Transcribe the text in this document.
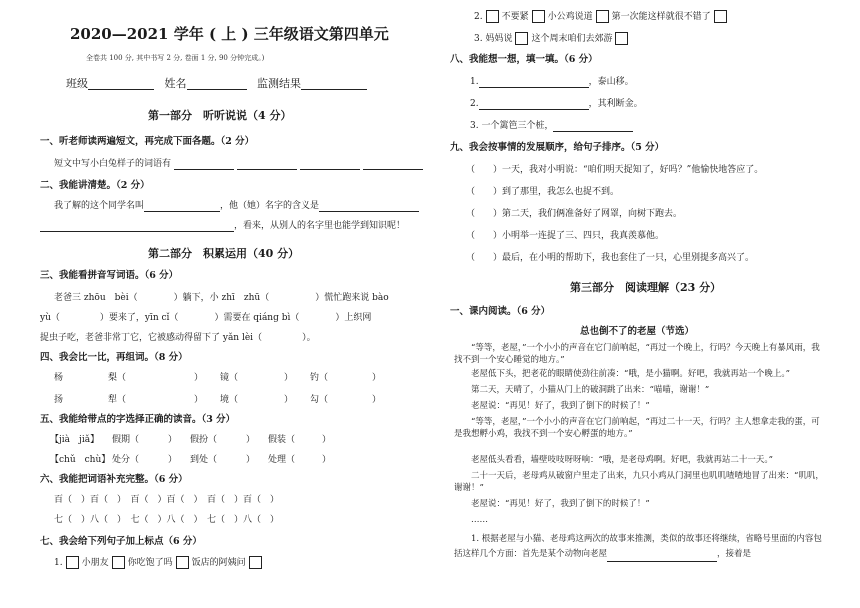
2020—2021 学年 ( 上 ) 三年级语文第四单元
全卷共 100 分, 其中书写 2 分, 卷面 1 分, 90 分钟完成。)
班级	姓名	监测结果
第一部分　听听说说（4 分）
一、听老师读两遍短文，再完成下面各题。（2 分）
短文中写小白兔样子的词语有
二、我能讲清楚。（2 分）
我了解的这个同学名叫	，他（她）名字的含义是
，看来，从别人的名字里也能学到知识呢！
第二部分　积累运用（40 分）
三、我能看拼音写词语。（6 分）
老爸三 zhōu　bèi（	）躺下，小 zhī　zhū（	）慌忙跑来说 bào
yù（	）要来了，yīn cǐ（	）需要在 qiáng bì（	）上织网
捉虫子吃，老爸非常丁它，它被感动得留下了 yǎn lèi（	）。
四、我会比一比，再组词。（8 分）
杨	梨（	） 镜（	） 钓（	）
扬	犁（	） 境（	） 勾（	）
五、我能给带点的字选择正确的读音。（3 分）
【jià　jiǎ】 假期（	） 假扮（	） 假装（	）
【chǔ　chù】 处分（	） 到处（	） 处理（	）
六、我能把词语补充完整。（6 分）
百（　）百（　）　百（　）百（　）　百（　）百（　）
七（　）八（　）　七（　）八（　）　七（　）八（　）
七、我会给下列句子加上标点（6 分）
1. 小朋友 你吃饱了吗 饭店的阿姨问
2. 不要紧 小公鸡说道 第一次能这样就很不错了
3. 妈妈说 这个周末咱们去郊游
八、我能想一想，填一填。（6 分）
1.	，泰山移。
2.	，其利断金。
3. 一个篱笆三个桩，
九、我会按事情的发展顺序，给句子排序。（5 分）
（　　）一天，我对小明说：“咱们明天捉知了，好吗？”他愉快地答应了。
（　　）到了那里，我怎么也捉不到。
（　　）第二天，我们俩准备好了网罩，向树下跑去。
（　　）小明举一连捉了三、四只，我真羡慕他。
（　　）最后，在小明的帮助下，我也套住了一只，心里别提多高兴了。
第三部分　阅读理解（23 分）
一、课内阅读。（6 分）
总也倒不了的老屋（节选）
“等等，老屋，”一个小小的声音在它门前响起，“再过一个晚上，行吗？今天晚上有暴风雨，我找不到一个安心睡觉的地方。”
老屋低下头，把老花的眼睛使劲往前凑：“哦，是小猫啊。好吧，我就再站一个晚上。”
第二天，天晴了，小猫从门上的破洞跳了出来：“喵喵，谢谢！”
老屋说：“再见！好了，我到了倒下的时候了！”
“等等，老屋，”一个小小的声音在它门前响起，“再过二十一天，行吗？主人想拿走我的蛋，可是我想孵小鸡，我找不到一个安心孵蛋的地方。”
老屋低头看看，墙壁吱吱呀呀响：“哦，是老母鸡啊。好吧，我就再站二十一天。”
二十一天后，老母鸡从破窗户里走了出来，九只小鸡从门洞里也叽叽喳喳地冒了出来：“叽叽，谢谢！”
老屋说：“再见！好了，我到了倒下的时候了！”
……
1. 根据老屋与小猫、老母鸡这两次的故事来推测，类似的故事还将继续，省略号里面的内容包括这样几个方面：首先是某个动物向老屋	，接着是
